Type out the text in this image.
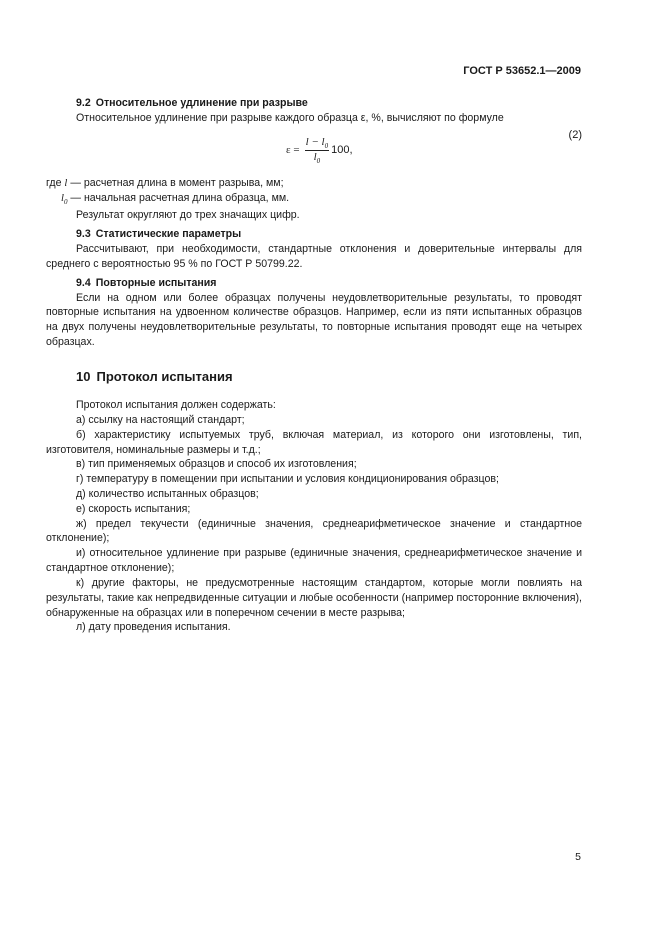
ГОСТ Р 53652.1—2009
9.2 Относительное удлинение при разрыве

Относительное удлинение при разрыве каждого образца ε, %, вычисляют по формуле

$\varepsilon = \frac{l - l_0}{l_0} 100$,
(2)

где l — расчетная длина в момент разрыва, мм;

$l_0$ — начальная расчетная длина образца, мм.

Результат округляют до трех значащих цифр.

9.3 Статистические параметры

Рассчитывают, при необходимости, стандартные отклонения и доверительные интервалы для среднего с вероятностью 95 % по ГОСТ Р 50799.22.

9.4 Повторные испытания

Если на одном или более образцах получены неудовлетворительные результаты, то проводят повторные испытания на удвоенном количестве образцов. Например, если из пяти испытанных образцов на двух получены неудовлетворительные результаты, то повторные испытания проводят еще на четырех образцах.

10 Протокол испытания

Протокол испытания должен содержать:

а) ссылку на настоящий стандарт;

б) характеристику испытуемых труб, включая материал, из которого они изготовлены, тип, изготовителя, номинальные размеры и т.д.;

в) тип применяемых образцов и способ их изготовления;

г) температуру в помещении при испытании и условия кондиционирования образцов;

д) количество испытанных образцов;

е) скорость испытания;

ж) предел текучести (единичные значения, среднеарифметическое значение и стандартное отклонение);

и) относительное удлинение при разрыве (единичные значения, среднеарифметическое значение и стандартное отклонение);

к) другие факторы, не предусмотренные настоящим стандартом, которые могли повлиять на результаты, такие как непредвиденные ситуации и любые особенности (например посторонние включения), обнаруженные на образцах или в поперечном сечении в месте разрыва;

л) дату проведения испытания.

5
